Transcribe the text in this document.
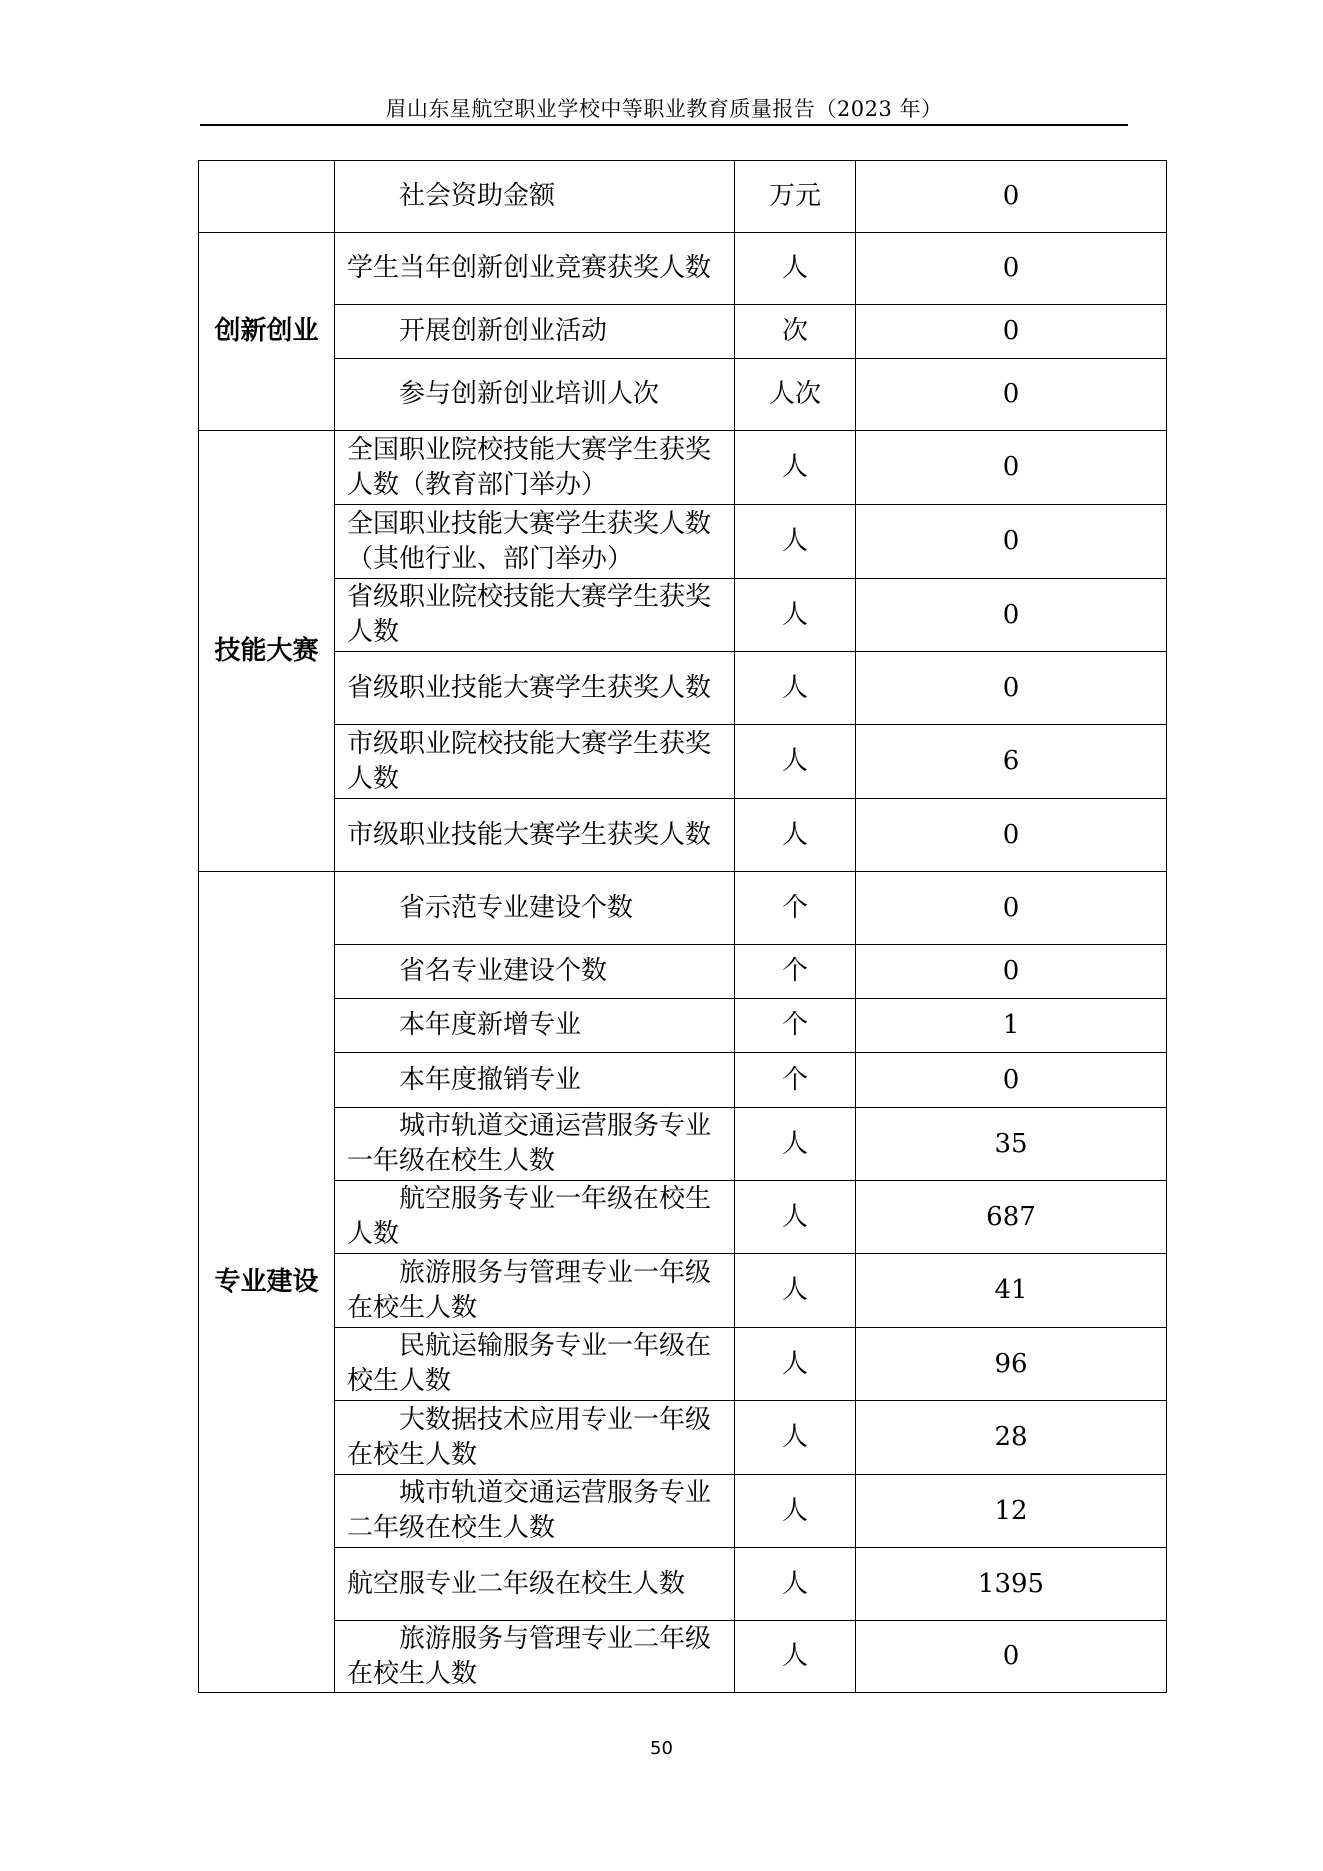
眉山东星航空职业学校中等职业教育质量报告（2023 年）
	社会资助金额	万元	0
创新创业	学生当年创新创业竞赛获奖人数	人	0
	开展创新创业活动	次	0
	参与创新创业培训人次	人次	0
技能大赛	全国职业院校技能大赛学生获奖人数（教育部门举办）	人	0
	全国职业技能大赛学生获奖人数（其他行业、部门举办）	人	0
	省级职业院校技能大赛学生获奖人数	人	0
	省级职业技能大赛学生获奖人数	人	0
	市级职业院校技能大赛学生获奖人数	人	6
	市级职业技能大赛学生获奖人数	人	0
专业建设	省示范专业建设个数	个	0
	省名专业建设个数	个	0
	本年度新增专业	个	1
	本年度撤销专业	个	0
	城市轨道交通运营服务专业一年级在校生人数	人	35
	航空服务专业一年级在校生人数	人	687
	旅游服务与管理专业一年级在校生人数	人	41
	民航运输服务专业一年级在校生人数	人	96
	大数据技术应用专业一年级在校生人数	人	28
	城市轨道交通运营服务专业二年级在校生人数	人	12
	航空服专业二年级在校生人数	人	1395
	旅游服务与管理专业二年级在校生人数	人	0
50
